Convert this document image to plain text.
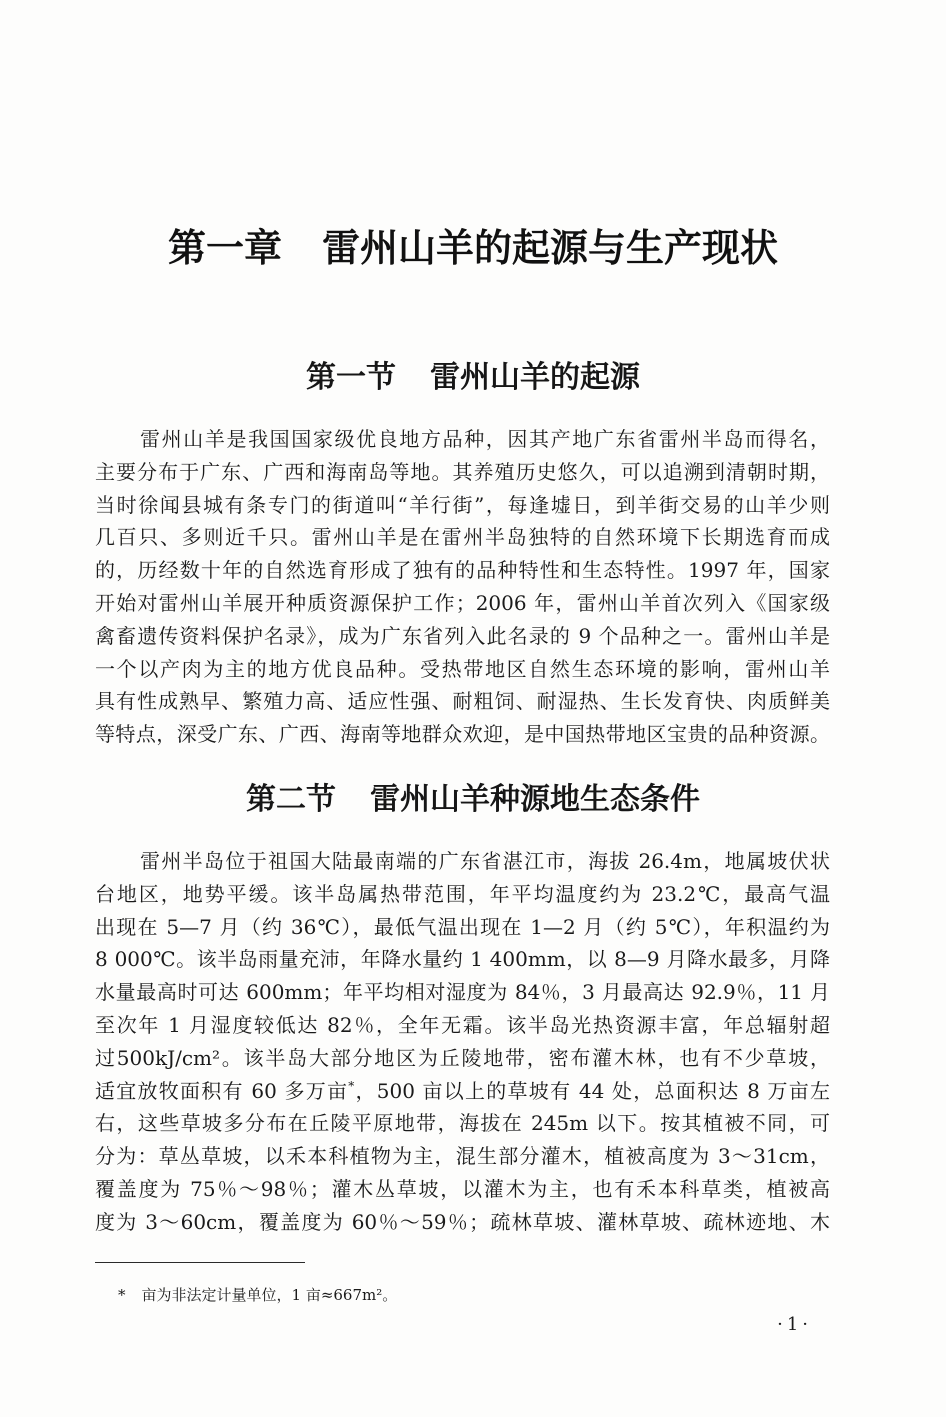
第一章 雷州山羊的起源与生产现状
第一节 雷州山羊的起源
雷州山羊是我国国家级优良地方品种，因其产地广东省雷州半岛而得名，
主要分布于广东、广西和海南岛等地。其养殖历史悠久，可以追溯到清朝时期，
当时徐闻县城有条专门的街道叫“羊行街”，每逢墟日，到羊街交易的山羊少则
几百只、多则近千只。雷州山羊是在雷州半岛独特的自然环境下长期选育而成
的，历经数十年的自然选育形成了独有的品种特性和生态特性。1997 年，国家
开始对雷州山羊展开种质资源保护工作；2006 年，雷州山羊首次列入《国家级
禽畜遗传资料保护名录》，成为广东省列入此名录的 9 个品种之一。雷州山羊是
一个以产肉为主的地方优良品种。受热带地区自然生态环境的影响，雷州山羊
具有性成熟早、繁殖力高、适应性强、耐粗饲、耐湿热、生长发育快、肉质鲜美
等特点，深受广东、广西、海南等地群众欢迎，是中国热带地区宝贵的品种资源。
第二节 雷州山羊种源地生态条件
雷州半岛位于祖国大陆最南端的广东省湛江市，海拔 26.4m，地属坡伏状
台地区，地势平缓。该半岛属热带范围，年平均温度约为 23.2℃，最高气温
出现在 5—7 月（约 36℃），最低气温出现在 1—2 月（约 5℃），年积温约为
8 000℃。该半岛雨量充沛，年降水量约 1 400mm，以 8—9 月降水最多，月降
水量最高时可达 600mm；年平均相对湿度为 84％，3 月最高达 92.9％，11 月
至次年 1 月湿度较低达 82％，全年无霜。该半岛光热资源丰富，年总辐射超
过500kJ/cm²。该半岛大部分地区为丘陵地带，密布灌木林，也有不少草坡，
适宜放牧面积有 60 多万亩*，500 亩以上的草坡有 44 处，总面积达 8 万亩左
右，这些草坡多分布在丘陵平原地带，海拔在 245m 以下。按其植被不同，可
分为：草丛草坡，以禾本科植物为主，混生部分灌木，植被高度为 3～31cm，
覆盖度为 75％～98％；灌木丛草坡，以灌木为主，也有禾本科草类，植被高
度为 3～60cm，覆盖度为 60％～59％；疏林草坡、灌林草坡、疏林迹地、木
* 亩为非法定计量单位，1 亩≈667m²。
·1·
